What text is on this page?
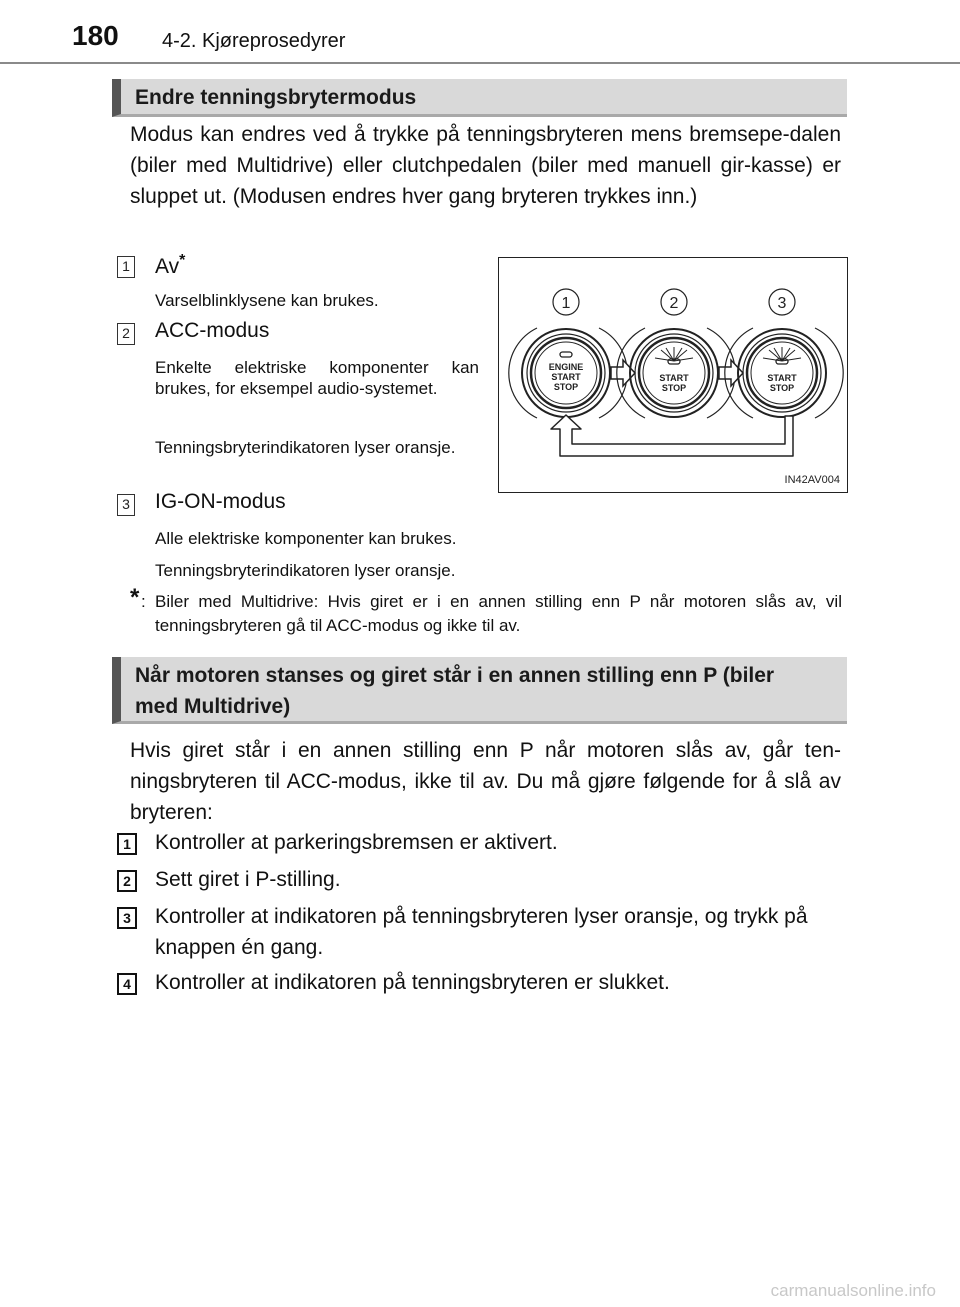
180 4-2. Kjøreprosedyrer
Endre tenningsbrytermodus

Modus kan endres ved å trykke på tenningsbryteren mens bremsepe-dalen (biler med Multidrive) eller clutchpedalen (biler med manuell gir-kasse) er sluppet ut. (Modusen endres hver gang bryteren trykkes inn.)

1 Av*

Varselblinklysene kan brukes.

2 ACC-modus

Enkelte elektriske komponenter kan brukes, for eksempel audio-systemet.

Tenningsbryterindikatoren lyser oransje.

3 IG-ON-modus

Alle elektriske komponenter kan brukes.

Tenningsbryterindikatoren lyser oransje.

* : Biler med Multidrive: Hvis giret er i en annen stilling enn P når motoren slås av, vil tenningsbryteren gå til ACC-modus og ikke til av.
1	2	3
ENGINE
START
STOP
START
STOP
START
STOP
IN42AV004
Når motoren stanses og giret står i en annen stilling enn P (biler
med Multidrive)

Hvis giret står i en annen stilling enn P når motoren slås av, går ten-ningsbryteren til ACC-modus, ikke til av. Du må gjøre følgende for å slå av bryteren:

1 Kontroller at parkeringsbremsen er aktivert.

2 Sett giret i P-stilling.

3 Kontroller at indikatoren på tenningsbryteren lyser oransje, og trykk på knappen én gang.

4 Kontroller at indikatoren på tenningsbryteren er slukket.

carmanualsonline.info
